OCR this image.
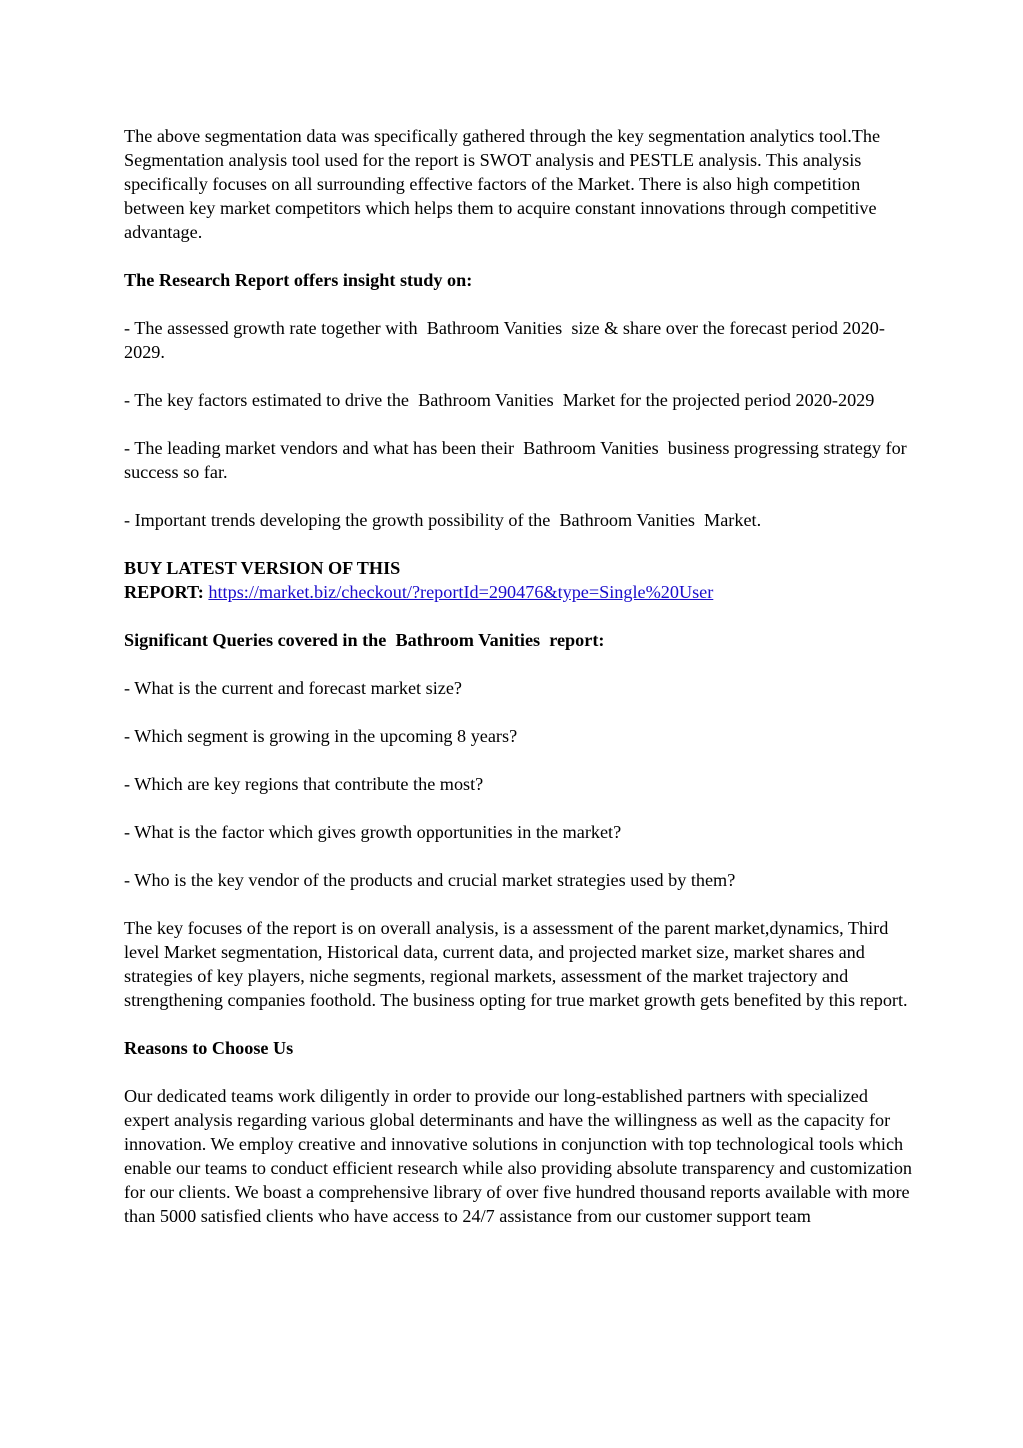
The above segmentation data was specifically gathered through the key segmentation analytics tool.The Segmentation analysis tool used for the report is SWOT analysis and PESTLE analysis. This analysis specifically focuses on all surrounding effective factors of the Market. There is also high competition between key market competitors which helps them to acquire constant innovations through competitive advantage.

The Research Report offers insight study on:

- The assessed growth rate together with  Bathroom Vanities  size & share over the forecast period 2020-2029.

- The key factors estimated to drive the  Bathroom Vanities  Market for the projected period 2020-2029

- The leading market vendors and what has been their  Bathroom Vanities  business progressing strategy for success so far.

- Important trends developing the growth possibility of the  Bathroom Vanities  Market.

BUY LATEST VERSION OF THIS

REPORT: https://market.biz/checkout/?reportId=290476&type=Single%20User

Significant Queries covered in the  Bathroom Vanities  report:

- What is the current and forecast market size?

- Which segment is growing in the upcoming 8 years?

- Which are key regions that contribute the most?

- What is the factor which gives growth opportunities in the market?

- Who is the key vendor of the products and crucial market strategies used by them?

The key focuses of the report is on overall analysis, is a assessment of the parent market,dynamics, Third level Market segmentation, Historical data, current data, and projected market size, market shares and strategies of key players, niche segments, regional markets, assessment of the market trajectory and strengthening companies foothold. The business opting for true market growth gets benefited by this report.

Reasons to Choose Us

Our dedicated teams work diligently in order to provide our long-established partners with specialized expert analysis regarding various global determinants and have the willingness as well as the capacity for innovation. We employ creative and innovative solutions in conjunction with top technological tools which enable our teams to conduct efficient research while also providing absolute transparency and customization for our clients. We boast a comprehensive library of over five hundred thousand reports available with more than 5000 satisfied clients who have access to 24/7 assistance from our customer support team
